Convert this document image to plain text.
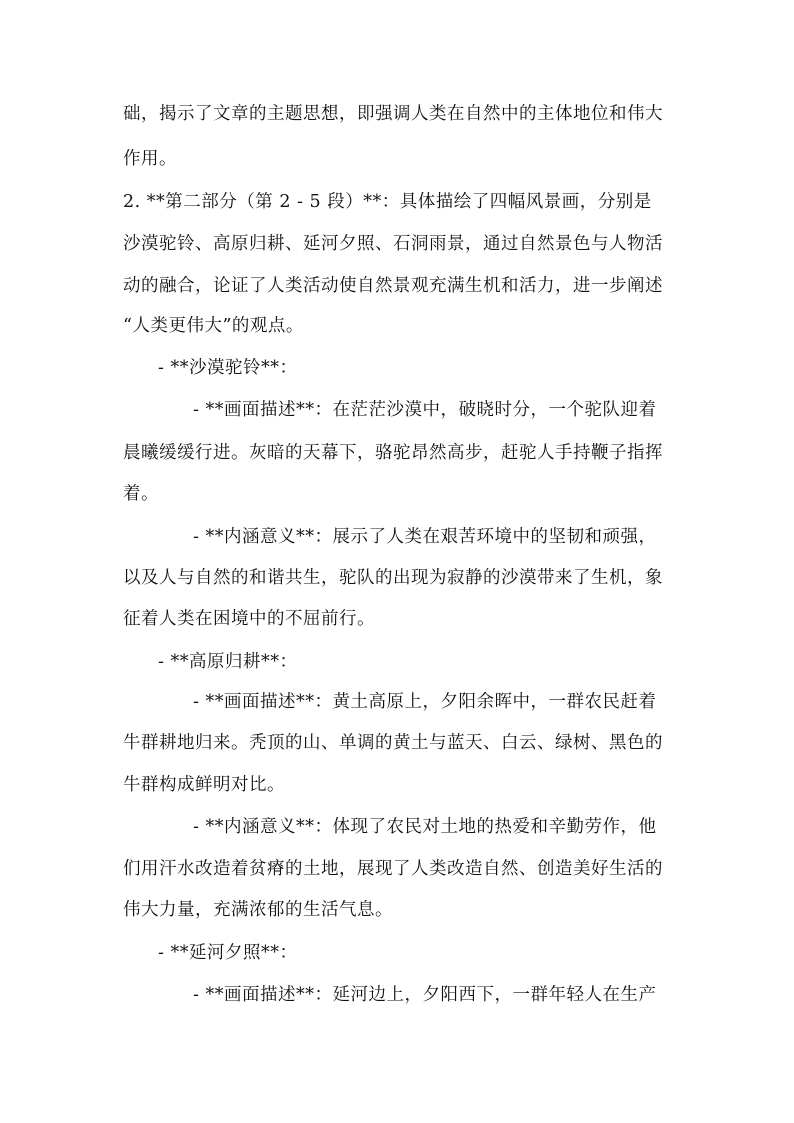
础，揭示了文章的主题思想，即强调人类在自然中的主体地位和伟大
作用。
2. **第二部分（第 2 - 5 段）**：具体描绘了四幅风景画，分别是
沙漠驼铃、高原归耕、延河夕照、石洞雨景，通过自然景色与人物活
动的融合，论证了人类活动使自然景观充满生机和活力，进一步阐述
“人类更伟大”的观点。
- **沙漠驼铃**：
- **画面描述**：在茫茫沙漠中，破晓时分，一个驼队迎着
晨曦缓缓行进。灰暗的天幕下，骆驼昂然高步，赶驼人手持鞭子指挥
着。
- **内涵意义**：展示了人类在艰苦环境中的坚韧和顽强，
以及人与自然的和谐共生，驼队的出现为寂静的沙漠带来了生机，象
征着人类在困境中的不屈前行。
- **高原归耕**：
- **画面描述**：黄土高原上，夕阳余晖中，一群农民赶着
牛群耕地归来。秃顶的山、单调的黄土与蓝天、白云、绿树、黑色的
牛群构成鲜明对比。
- **内涵意义**：体现了农民对土地的热爱和辛勤劳作，他
们用汗水改造着贫瘠的土地，展现了人类改造自然、创造美好生活的
伟大力量，充满浓郁的生活气息。
- **延河夕照**：
- **画面描述**：延河边上，夕阳西下，一群年轻人在生产
